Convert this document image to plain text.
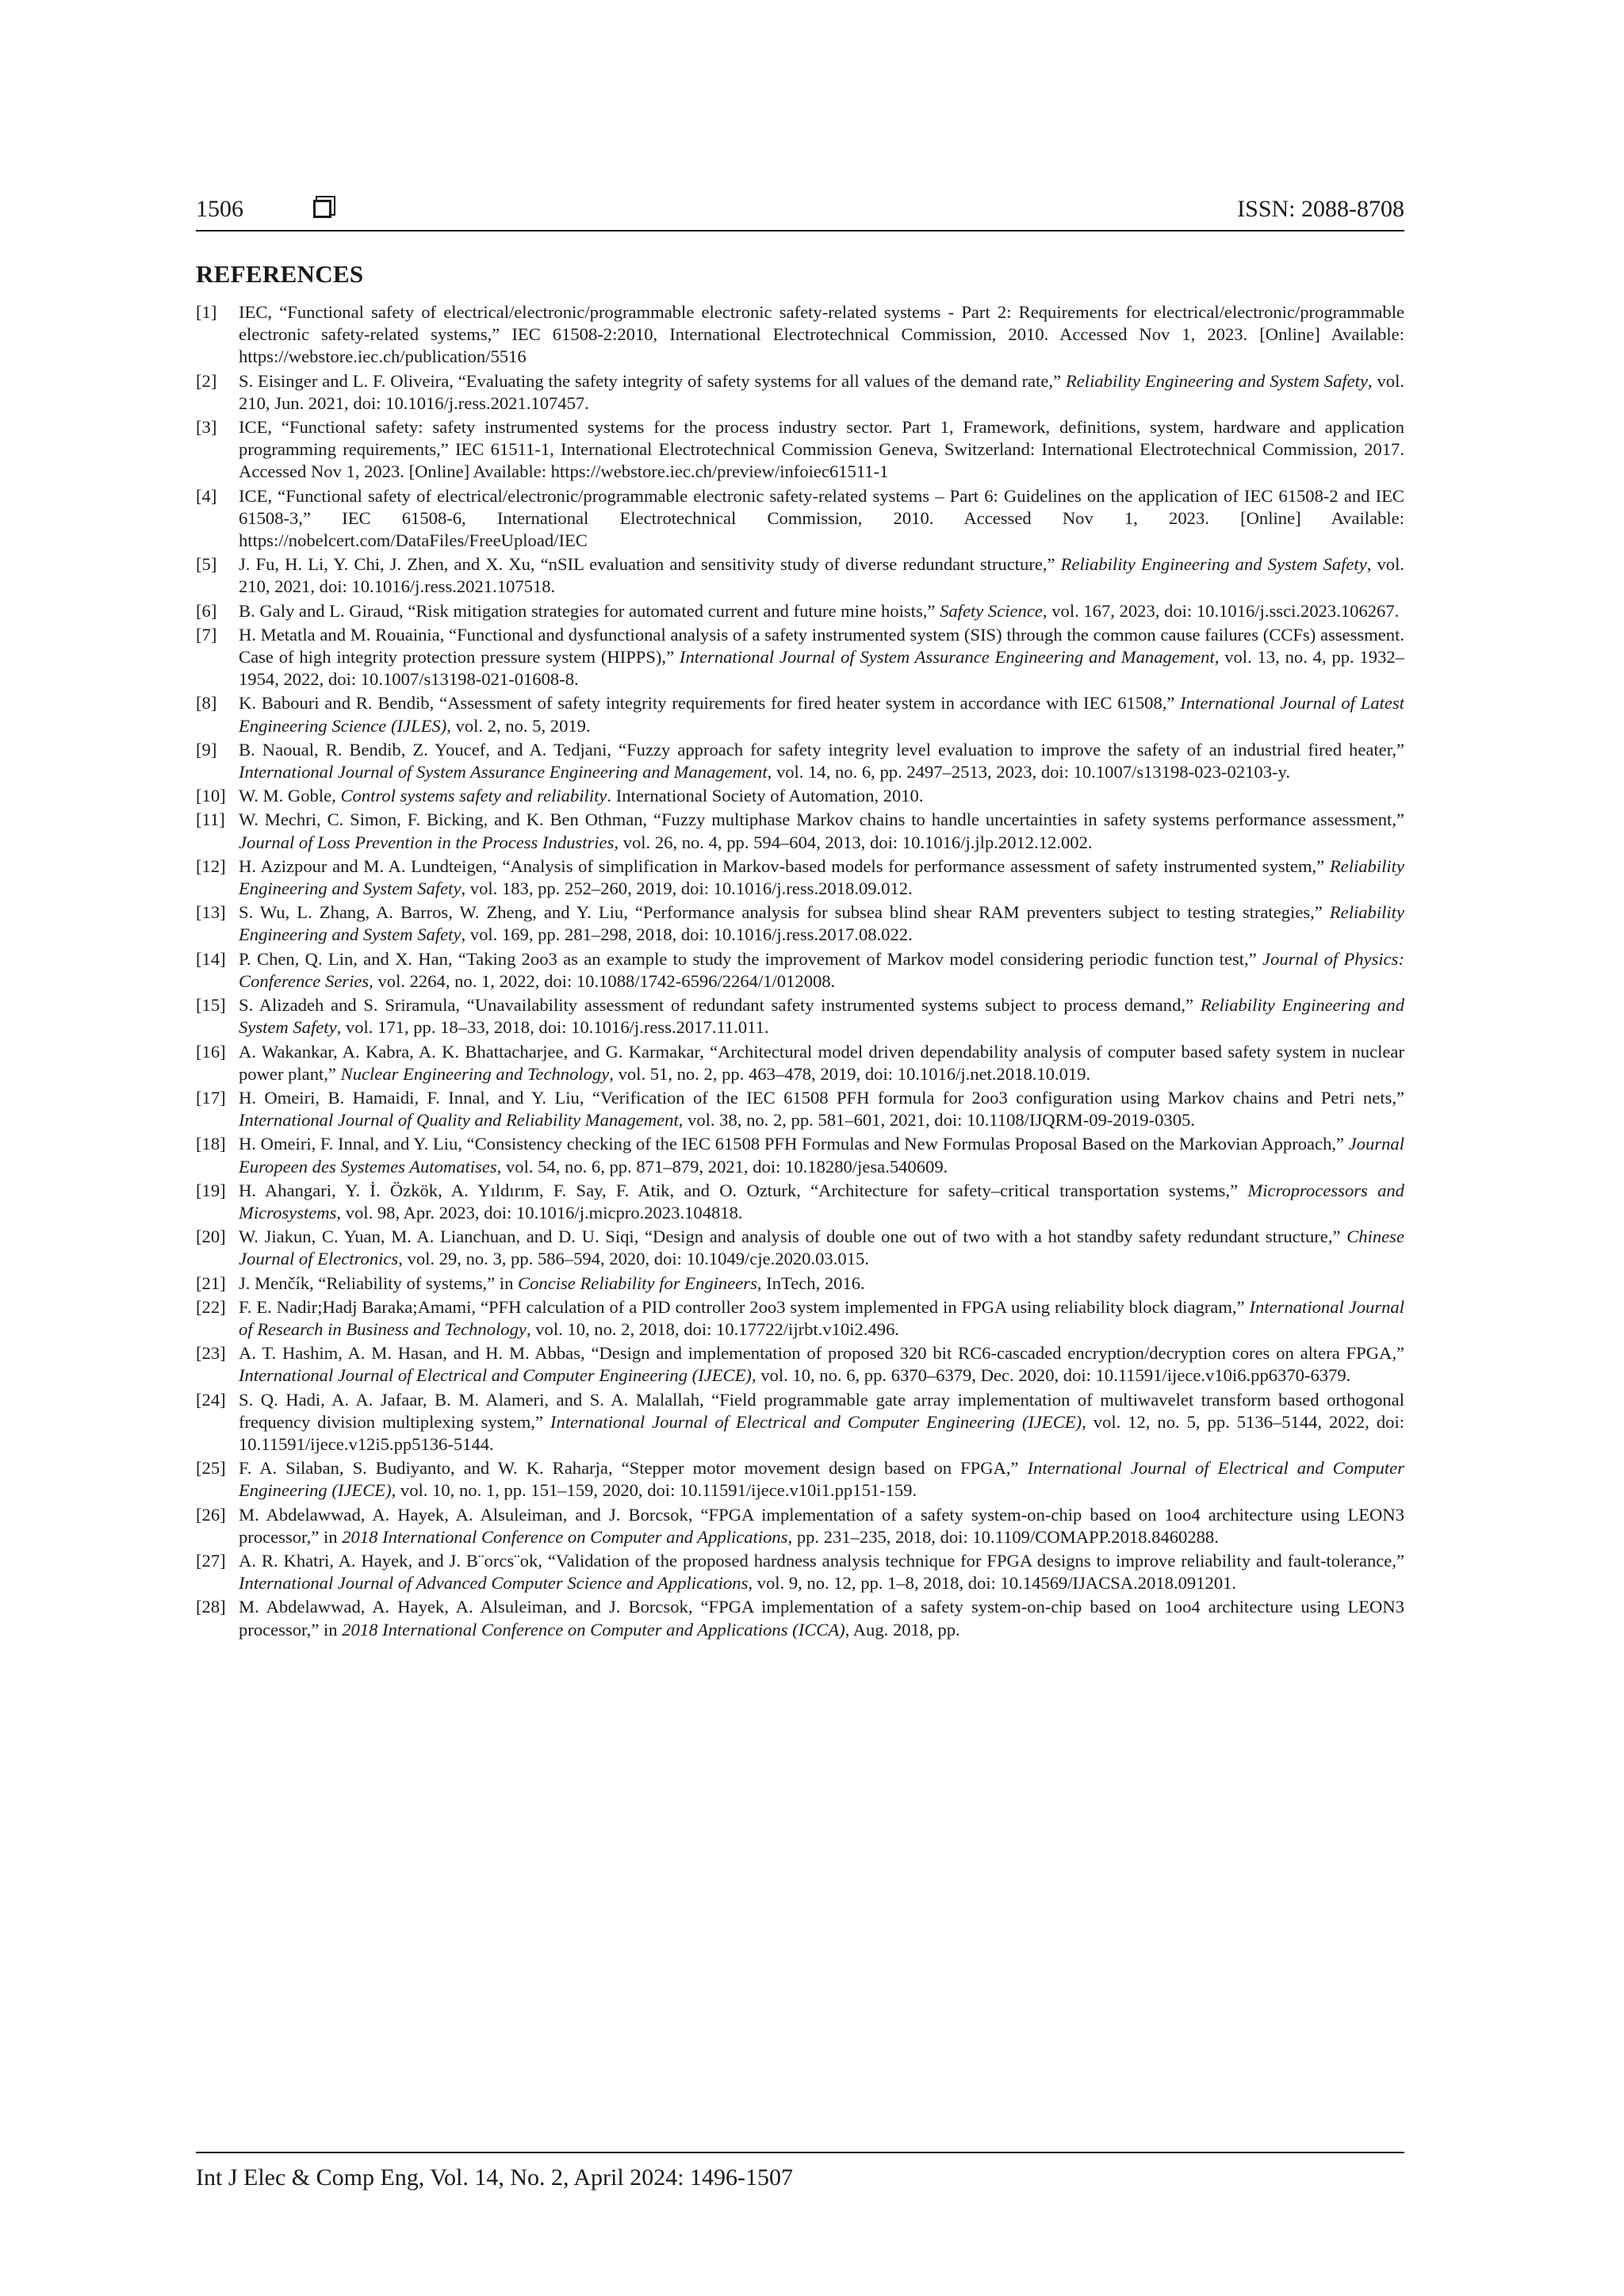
1506	ISSN: 2088-8708
REFERENCES
[1]	IEC, “Functional safety of electrical/electronic/programmable electronic safety-related systems - Part 2: Requirements for electrical/electronic/programmable electronic safety-related systems,” IEC 61508-2:2010, International Electrotechnical Commission, 2010. Accessed Nov 1, 2023. [Online] Available: https://webstore.iec.ch/publication/5516
[2]	S. Eisinger and L. F. Oliveira, “Evaluating the safety integrity of safety systems for all values of the demand rate,” Reliability Engineering and System Safety, vol. 210, Jun. 2021, doi: 10.1016/j.ress.2021.107457.
[3]	ICE, “Functional safety: safety instrumented systems for the process industry sector. Part 1, Framework, definitions, system, hardware and application programming requirements,” IEC 61511-1, International Electrotechnical Commission Geneva, Switzerland: International Electrotechnical Commission, 2017. Accessed Nov 1, 2023. [Online] Available: https://webstore.iec.ch/preview/infoiec61511-1
[4]	ICE, “Functional safety of electrical/electronic/programmable electronic safety-related systems – Part 6: Guidelines on the application of IEC 61508-2 and IEC 61508-3,” IEC 61508-6, International Electrotechnical Commission, 2010. Accessed Nov 1, 2023. [Online] Available: https://nobelcert.com/DataFiles/FreeUpload/IEC
[5]	J. Fu, H. Li, Y. Chi, J. Zhen, and X. Xu, “nSIL evaluation and sensitivity study of diverse redundant structure,” Reliability Engineering and System Safety, vol. 210, 2021, doi: 10.1016/j.ress.2021.107518.
[6]	B. Galy and L. Giraud, “Risk mitigation strategies for automated current and future mine hoists,” Safety Science, vol. 167, 2023, doi: 10.1016/j.ssci.2023.106267.
[7]	H. Metatla and M. Rouainia, “Functional and dysfunctional analysis of a safety instrumented system (SIS) through the common cause failures (CCFs) assessment. Case of high integrity protection pressure system (HIPPS),” International Journal of System Assurance Engineering and Management, vol. 13, no. 4, pp. 1932–1954, 2022, doi: 10.1007/s13198-021-01608-8.
[8]	K. Babouri and R. Bendib, “Assessment of safety integrity requirements for fired heater system in accordance with IEC 61508,” International Journal of Latest Engineering Science (IJLES), vol. 2, no. 5, 2019.
[9]	B. Naoual, R. Bendib, Z. Youcef, and A. Tedjani, “Fuzzy approach for safety integrity level evaluation to improve the safety of an industrial fired heater,” International Journal of System Assurance Engineering and Management, vol. 14, no. 6, pp. 2497–2513, 2023, doi: 10.1007/s13198-023-02103-y.
[10] W. M. Goble, Control systems safety and reliability. International Society of Automation, 2010.
[11] W. Mechri, C. Simon, F. Bicking, and K. Ben Othman, “Fuzzy multiphase Markov chains to handle uncertainties in safety systems performance assessment,” Journal of Loss Prevention in the Process Industries, vol. 26, no. 4, pp. 594–604, 2013, doi: 10.1016/j.jlp.2012.12.002.
[12] H. Azizpour and M. A. Lundteigen, “Analysis of simplification in Markov-based models for performance assessment of safety instrumented system,” Reliability Engineering and System Safety, vol. 183, pp. 252–260, 2019, doi: 10.1016/j.ress.2018.09.012.
[13] S. Wu, L. Zhang, A. Barros, W. Zheng, and Y. Liu, “Performance analysis for subsea blind shear RAM preventers subject to testing strategies,” Reliability Engineering and System Safety, vol. 169, pp. 281–298, 2018, doi: 10.1016/j.ress.2017.08.022.
[14] P. Chen, Q. Lin, and X. Han, “Taking 2oo3 as an example to study the improvement of Markov model considering periodic function test,” Journal of Physics: Conference Series, vol. 2264, no. 1, 2022, doi: 10.1088/1742-6596/2264/1/012008.
[15] S. Alizadeh and S. Sriramula, “Unavailability assessment of redundant safety instrumented systems subject to process demand,” Reliability Engineering and System Safety, vol. 171, pp. 18–33, 2018, doi: 10.1016/j.ress.2017.11.011.
[16] A. Wakankar, A. Kabra, A. K. Bhattacharjee, and G. Karmakar, “Architectural model driven dependability analysis of computer based safety system in nuclear power plant,” Nuclear Engineering and Technology, vol. 51, no. 2, pp. 463–478, 2019, doi: 10.1016/j.net.2018.10.019.
[17] H. Omeiri, B. Hamaidi, F. Innal, and Y. Liu, “Verification of the IEC 61508 PFH formula for 2oo3 configuration using Markov chains and Petri nets,” International Journal of Quality and Reliability Management, vol. 38, no. 2, pp. 581–601, 2021, doi: 10.1108/IJQRM-09-2019-0305.
[18] H. Omeiri, F. Innal, and Y. Liu, “Consistency checking of the IEC 61508 PFH Formulas and New Formulas Proposal Based on the Markovian Approach,” Journal Europeen des Systemes Automatises, vol. 54, no. 6, pp. 871–879, 2021, doi: 10.18280/jesa.540609.
[19] H. Ahangari, Y. İ. Özkök, A. Yıldırım, F. Say, F. Atik, and O. Ozturk, “Architecture for safety–critical transportation systems,” Microprocessors and Microsystems, vol. 98, Apr. 2023, doi: 10.1016/j.micpro.2023.104818.
[20] W. Jiakun, C. Yuan, M. A. Lianchuan, and D. U. Siqi, “Design and analysis of double one out of two with a hot standby safety redundant structure,” Chinese Journal of Electronics, vol. 29, no. 3, pp. 586–594, 2020, doi: 10.1049/cje.2020.03.015.
[21] J. Menčík, “Reliability of systems,” in Concise Reliability for Engineers, InTech, 2016.
[22] F. E. Nadir;Hadj Baraka;Amami, “PFH calculation of a PID controller 2oo3 system implemented in FPGA using reliability block diagram,” International Journal of Research in Business and Technology, vol. 10, no. 2, 2018, doi: 10.17722/ijrbt.v10i2.496.
[23] A. T. Hashim, A. M. Hasan, and H. M. Abbas, “Design and implementation of proposed 320 bit RC6-cascaded encryption/decryption cores on altera FPGA,” International Journal of Electrical and Computer Engineering (IJECE), vol. 10, no. 6, pp. 6370–6379, Dec. 2020, doi: 10.11591/ijece.v10i6.pp6370-6379.
[24] S. Q. Hadi, A. A. Jafaar, B. M. Alameri, and S. A. Malallah, “Field programmable gate array implementation of multiwavelet transform based orthogonal frequency division multiplexing system,” International Journal of Electrical and Computer Engineering (IJECE), vol. 12, no. 5, pp. 5136–5144, 2022, doi: 10.11591/ijece.v12i5.pp5136-5144.
[25] F. A. Silaban, S. Budiyanto, and W. K. Raharja, “Stepper motor movement design based on FPGA,” International Journal of Electrical and Computer Engineering (IJECE), vol. 10, no. 1, pp. 151–159, 2020, doi: 10.11591/ijece.v10i1.pp151-159.
[26] M. Abdelawwad, A. Hayek, A. Alsuleiman, and J. Borcsok, “FPGA implementation of a safety system-on-chip based on 1oo4 architecture using LEON3 processor,” in 2018 International Conference on Computer and Applications, pp. 231–235, 2018, doi: 10.1109/COMAPP.2018.8460288.
[27] A. R. Khatri, A. Hayek, and J. B¨orcs¨ok, “Validation of the proposed hardness analysis technique for FPGA designs to improve reliability and fault-tolerance,” International Journal of Advanced Computer Science and Applications, vol. 9, no. 12, pp. 1–8, 2018, doi: 10.14569/IJACSA.2018.091201.
[28] M. Abdelawwad, A. Hayek, A. Alsuleiman, and J. Borcsok, “FPGA implementation of a safety system-on-chip based on 1oo4 architecture using LEON3 processor,” in 2018 International Conference on Computer and Applications (ICCA), Aug. 2018, pp.
Int J Elec & Comp Eng, Vol. 14, No. 2, April 2024: 1496-1507
